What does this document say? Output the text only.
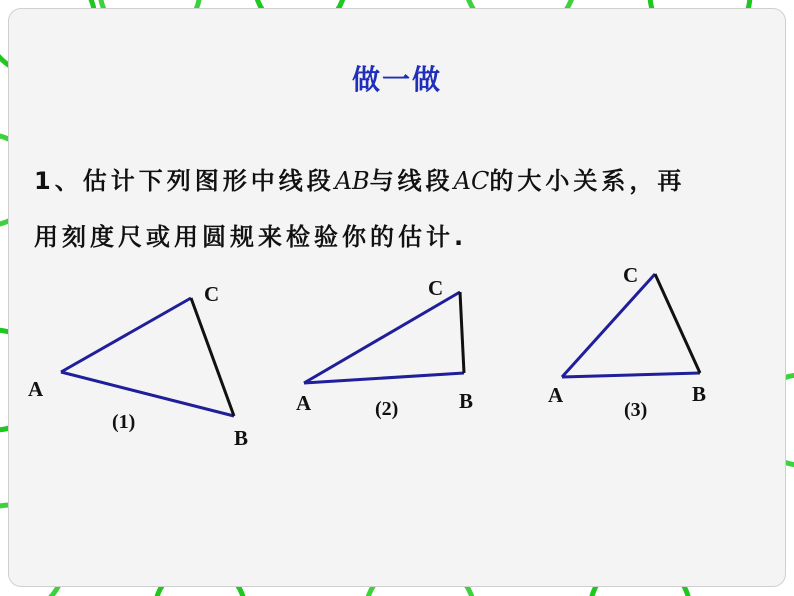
做一做
1、估计下列图形中线段AB与线段AC的大小关系，再
用刻度尺或用圆规来检验你的估计.
A
B
C
(1)
A	B
C
(2)
A	B
C
(3)
